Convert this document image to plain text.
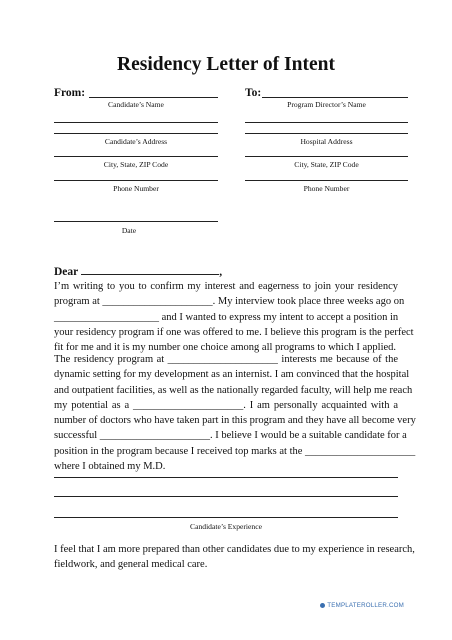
Residency Letter of Intent
From:
Candidate’s Name
Candidate’s Address
City, State, ZIP Code
Phone Number
Date
To:
Program Director’s Name
Hospital Address
City, State, ZIP Code
Phone Number
Dear	,
I’m writing to you to confirm my interest and eagerness to join your residency
program at _____________________. My interview took place three weeks ago on
____________________ and I wanted to express my intent to accept a position in
your residency program if one was offered to me. I believe this program is the perfect
fit for me and it is my number one choice among all programs to which I applied.
The residency program at _____________________ interests me because of the
dynamic setting for my development as an internist. I am convinced that the hospital
and outpatient facilities, as well as the nationally regarded faculty, will help me reach
my potential as a _____________________. I am personally acquainted with a
number of doctors who have taken part in this program and they have all become very
successful _____________________. I believe I would be a suitable candidate for a
position in the program because I received top marks at the _____________________
where I obtained my M.D.
Candidate’s Experience
I feel that I am more prepared than other candidates due to my experience in research,
fieldwork, and general medical care.
TEMPLATEROLLER.COM
